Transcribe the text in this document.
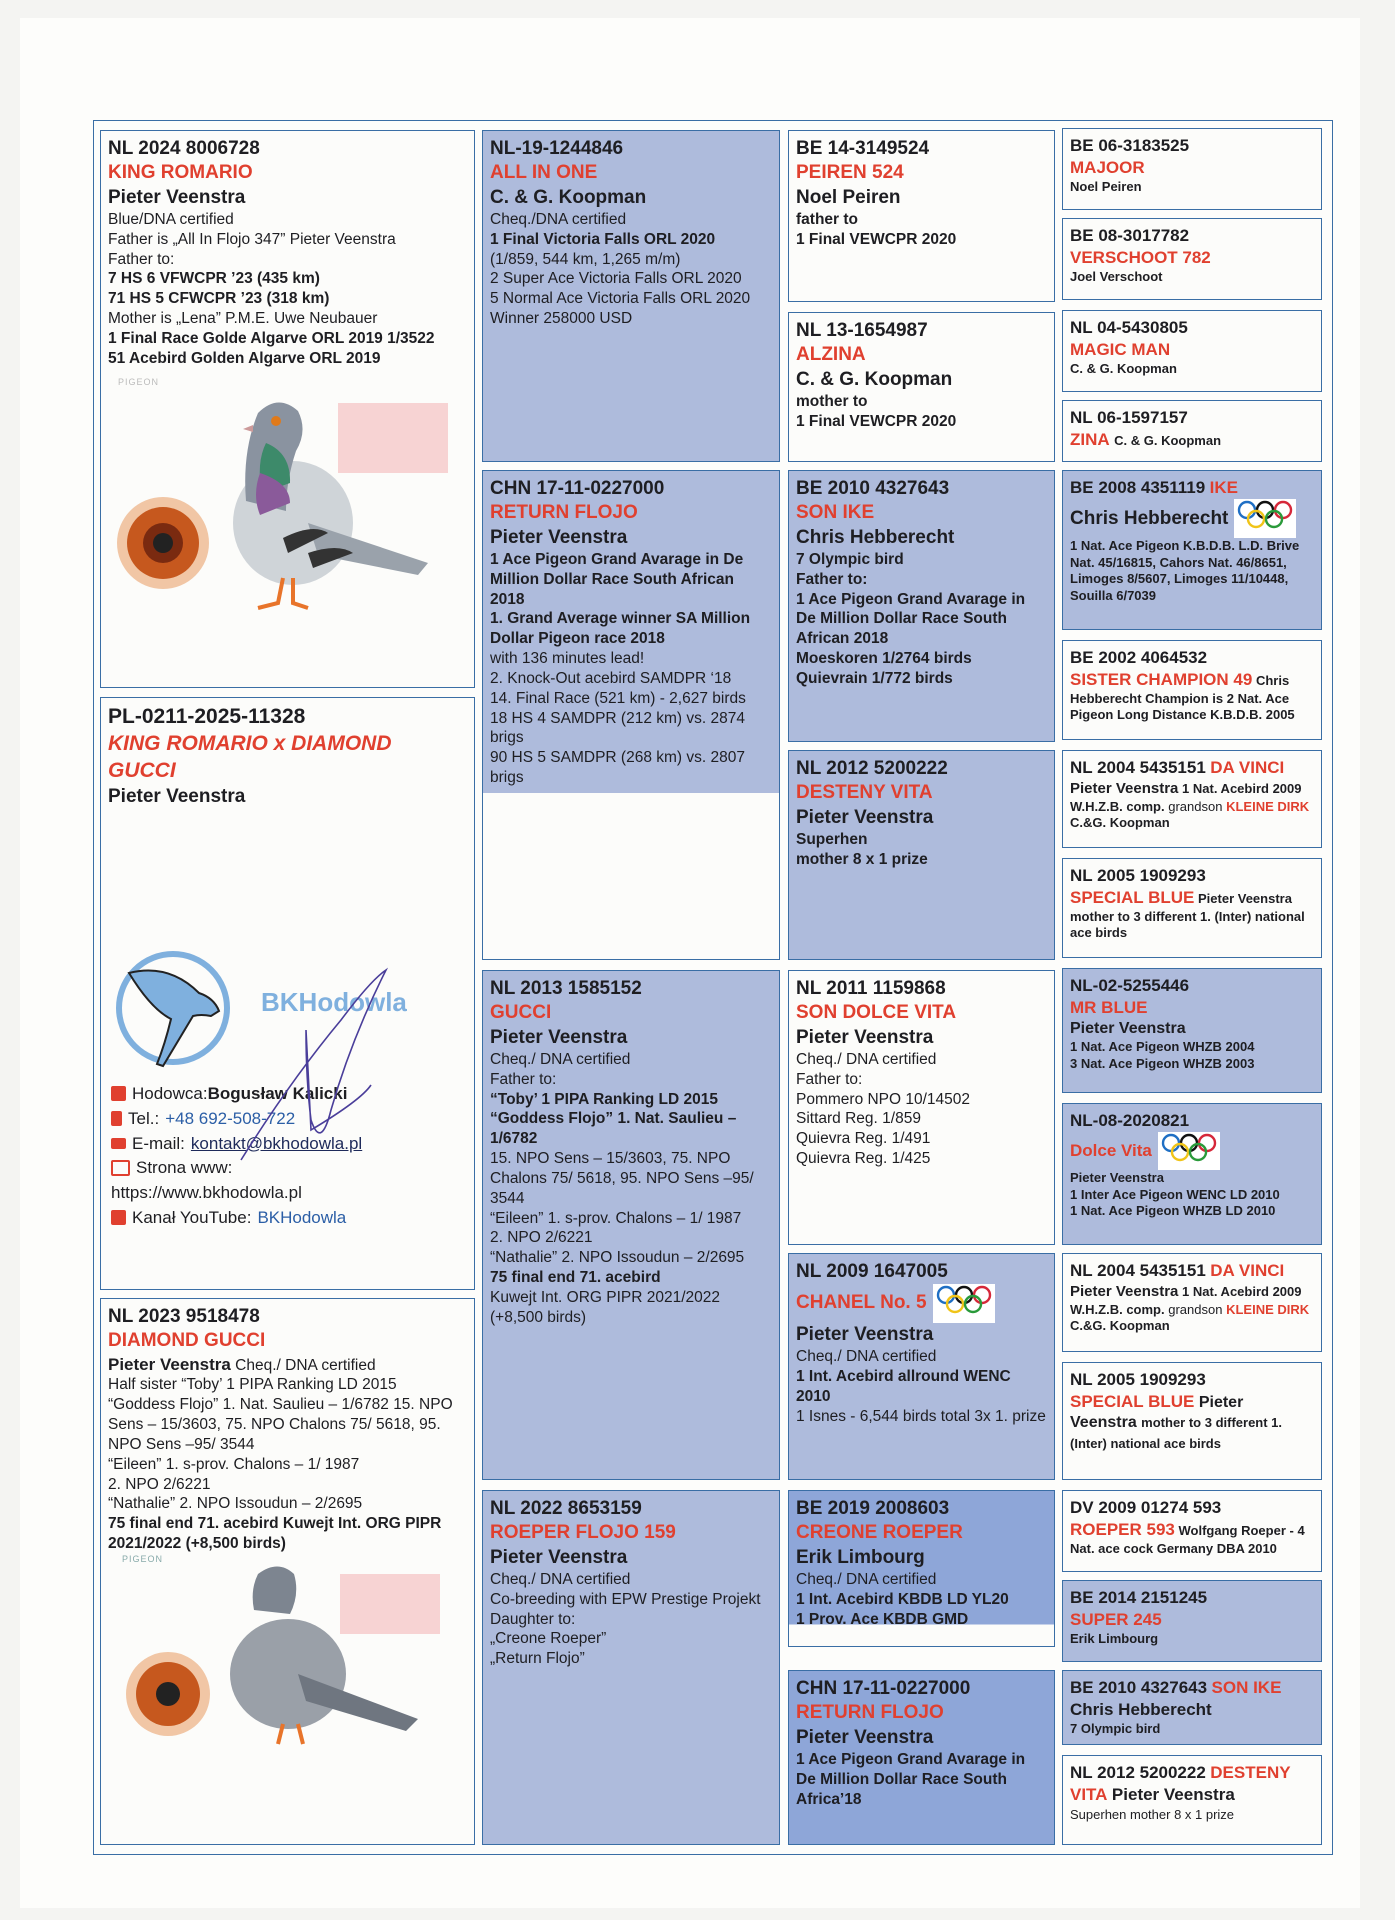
NL 2024 8006728
KING ROMARIO
Pieter Veenstra
Blue/DNA certified
Father is „All In Flojo 347” Pieter Veenstra
Father to:
7 HS 6 VFWCPR ’23 (435 km)
71 HS 5 CFWCPR ’23 (318 km)
Mother is „Lena” P.M.E. Uwe Neubauer
1 Final Race Golde Algarve ORL 2019 1/3522
51 Acebird Golden Algarve ORL 2019
PIGEON
PL-0211-2025-11328
KING ROMARIO x DIAMOND GUCCI
Pieter Veenstra
BKHodowla
Hodowca: Bogusław Kalicki
Tel.: +48 692-508-722
E-mail: kontakt@bkhodowla.pl
Strona www:
https://www.bkhodowla.pl
Kanał YouTube: BKHodowla
NL 2023 9518478
DIAMOND GUCCI
Pieter Veenstra Cheq./ DNA certified
Half sister “Toby’ 1 PIPA Ranking LD 2015
“Goddess Flojo” 1. Nat. Saulieu – 1/6782 15. NPO Sens – 15/3603, 75. NPO Chalons 75/ 5618, 95. NPO Sens –95/ 3544
“Eileen” 1. s-prov. Chalons – 1/ 1987
2. NPO 2/6221
“Nathalie” 2. NPO Issoudun – 2/2695
75 final end 71. acebird Kuwejt Int. ORG PIPR 2021/2022 (+8,500 birds)
PIGEON
NL-19-1244846
ALL IN ONE
C. & G. Koopman
Cheq./DNA certified
1 Final Victoria Falls ORL 2020
(1/859, 544 km, 1,265 m/m)
2 Super Ace Victoria Falls ORL 2020
5 Normal Ace Victoria Falls ORL 2020
Winner 258000 USD
CHN 17-11-0227000
RETURN FLOJO
Pieter Veenstra
1 Ace Pigeon Grand Avarage in De Million Dollar Race South African 2018
1. Grand Average winner SA Million Dollar Pigeon race 2018
with 136 minutes lead!
2. Knock-Out acebird SAMDPR ‘18
14. Final Race (521 km) - 2,627 birds
18 HS 4 SAMDPR (212 km) vs. 2874 brigs
90 HS 5 SAMDPR (268 km) vs. 2807 brigs
NL 2013 1585152
GUCCI
Pieter Veenstra
Cheq./ DNA certified
Father to:
“Toby’ 1 PIPA Ranking LD 2015
“Goddess Flojo” 1. Nat. Saulieu – 1/6782
15. NPO Sens – 15/3603, 75. NPO Chalons 75/ 5618, 95. NPO Sens –95/ 3544
“Eileen” 1. s-prov. Chalons – 1/ 1987
2. NPO 2/6221
“Nathalie” 2. NPO Issoudun – 2/2695
75 final end 71. acebird
Kuwejt Int. ORG PIPR 2021/2022 (+8,500 birds)
NL 2022 8653159
ROEPER FLOJO 159
Pieter Veenstra
Cheq./ DNA certified
Co-breeding with EPW Prestige Projekt
Daughter to:
„Creone Roeper”
„Return Flojo”
BE 14-3149524
PEIREN 524
Noel Peiren
father to
1 Final VEWCPR 2020
NL 13-1654987
ALZINA
C. & G. Koopman
mother to
1 Final VEWCPR 2020
BE 2010 4327643
SON IKE
Chris Hebberecht
7 Olympic bird
Father to:
1 Ace Pigeon Grand Avarage in De Million Dollar Race South African 2018
Moeskoren 1/2764 birds
Quievrain 1/772 birds
NL 2012 5200222
DESTENY VITA
Pieter Veenstra
Superhen
mother 8 x 1 prize
NL 2011 1159868
SON DOLCE VITA
Pieter Veenstra
Cheq./ DNA certified
Father to:
Pommero NPO 10/14502
Sittard Reg. 1/859
Quievra Reg. 1/491
Quievra Reg. 1/425
NL 2009 1647005
CHANEL No. 5
Pieter Veenstra
Cheq./ DNA certified
1 Int. Acebird allround WENC 2010
1 Isnes - 6,544 birds total 3x 1. prize
BE 2019 2008603
CREONE ROEPER
Erik Limbourg
Cheq./ DNA certified
1 Int. Acebird KBDB LD YL20
1 Prov. Ace KBDB GMD
CHN 17-11-0227000
RETURN FLOJO
Pieter Veenstra
1 Ace Pigeon Grand Avarage in De Million Dollar Race South Africa’18
BE 06-3183525
MAJOOR
Noel Peiren
BE 08-3017782
VERSCHOOT 782
Joel Verschoot
NL 04-5430805
MAGIC MAN
C. & G. Koopman
NL 06-1597157
ZINA C. & G. Koopman
BE 2008 4351119 IKE
Chris Hebberecht
1 Nat. Ace Pigeon K.B.D.B. L.D. Brive Nat. 45/16815, Cahors Nat. 46/8651, Limoges 8/5607, Limoges 11/10448, Souilla 6/7039
BE 2002 4064532
SISTER CHAMPION 49 Chris Hebberecht Champion is 2 Nat. Ace Pigeon Long Distance K.B.D.B. 2005
NL 2004 5435151 DA VINCI
Pieter Veenstra 1 Nat. Acebird 2009 W.H.Z.B. comp. grandson KLEINE DIRK C.&G. Koopman
NL 2005 1909293
SPECIAL BLUE Pieter Veenstra mother to 3 different 1. (Inter) national ace birds
NL-02-5255446
MR BLUE
Pieter Veenstra
1 Nat. Ace Pigeon WHZB 2004
3 Nat. Ace Pigeon WHZB 2003
NL-08-2020821
Dolce Vita
Pieter Veenstra
1 Inter Ace Pigeon WENC LD 2010
1 Nat. Ace Pigeon WHZB LD 2010
NL 2004 5435151 DA VINCI
Pieter Veenstra 1 Nat. Acebird 2009 W.H.Z.B. comp. grandson KLEINE DIRK C.&G. Koopman
NL 2005 1909293
SPECIAL BLUE Pieter Veenstra mother to 3 different 1. (Inter) national ace birds
DV 2009 01274 593
ROEPER 593 Wolfgang Roeper - 4 Nat. ace cock Germany DBA 2010
BE 2014 2151245
SUPER 245
Erik Limbourg
BE 2010 4327643 SON IKE
Chris Hebberecht
7 Olympic bird
NL 2012 5200222 DESTENY VITA Pieter Veenstra
Superhen mother 8 x 1 prize
